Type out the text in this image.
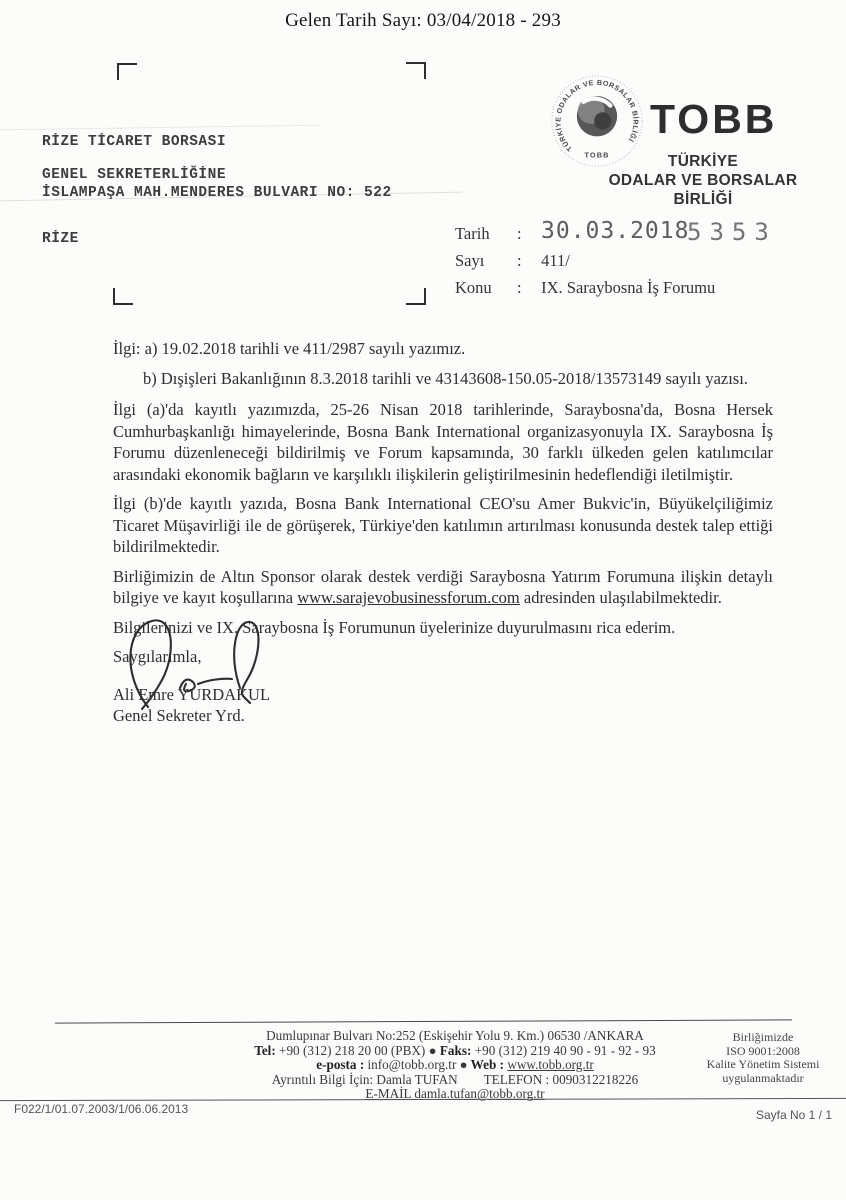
Gelen Tarih Sayı: 03/04/2018 - 293
RİZE TİCARET BORSASI
GENEL SEKRETERLİĞİNE
İSLAMPAŞA MAH.MENDERES BULVARI NO: 522
RİZE
TÜRKİYE ODALAR VE BORSALAR BİRLİĞİ
TOBB
TOBB
TÜRKİYE
ODALAR VE BORSALAR
BİRLİĞİ
Tarih : 30.03.2018
5353
Sayı : 411/
Konu : IX. Saraybosna İş Forumu

İlgi: a) 19.02.2018 tarihli ve 411/2987 sayılı yazımız.

b) Dışişleri Bakanlığının 8.3.2018 tarihli ve 43143608-150.05-2018/13573149 sayılı yazısı.

İlgi (a)'da kayıtlı yazımızda, 25-26 Nisan 2018 tarihlerinde, Saraybosna'da, Bosna Hersek Cumhurbaşkanlığı himayelerinde, Bosna Bank International organizasyonuyla IX. Saraybosna İş Forumu düzenleneceği bildirilmiş ve Forum kapsamında, 30 farklı ülkeden gelen katılımcılar arasındaki ekonomik bağların ve karşılıklı ilişkilerin geliştirilmesinin hedeflendiği iletilmiştir.

İlgi (b)'de kayıtlı yazıda, Bosna Bank International CEO'su Amer Bukvic'in, Büyükelçiliğimiz Ticaret Müşavirliği ile de görüşerek, Türkiye'den katılımın artırılması konusunda destek talep ettiği bildirilmektedir.

Birliğimizin de Altın Sponsor olarak destek verdiği Saraybosna Yatırım Forumuna ilişkin detaylı bilgiye ve kayıt koşullarına www.sarajevobusinessforum.com adresinden ulaşılabilmektedir.

Bilgilerinizi ve IX. Saraybosna İş Forumunun üyelerinize duyurulmasını rica ederim.

Saygılarımla,

Ali Emre YURDAKUL
Genel Sekreter Yrd.
Dumlupınar Bulvarı No:252 (Eskişehir Yolu 9. Km.) 06530 /ANKARA
Tel: +90 (312) 218 20 00 (PBX) ● Faks: +90 (312) 219 40 90 - 91 - 92 - 93
e-posta : info@tobb.org.tr ● Web : www.tobb.org.tr
Ayrıntılı Bilgi İçin: Damla TUFAN TELEFON : 0090312218226
E-MAİL damla.tufan@tobb.org.tr
Birliğimizde
ISO 9001:2008
Kalite Yönetim Sistemi
uygulanmaktadır
F022/1/01.07.2003/1/06.06.2013	Sayfa No 1 / 1
